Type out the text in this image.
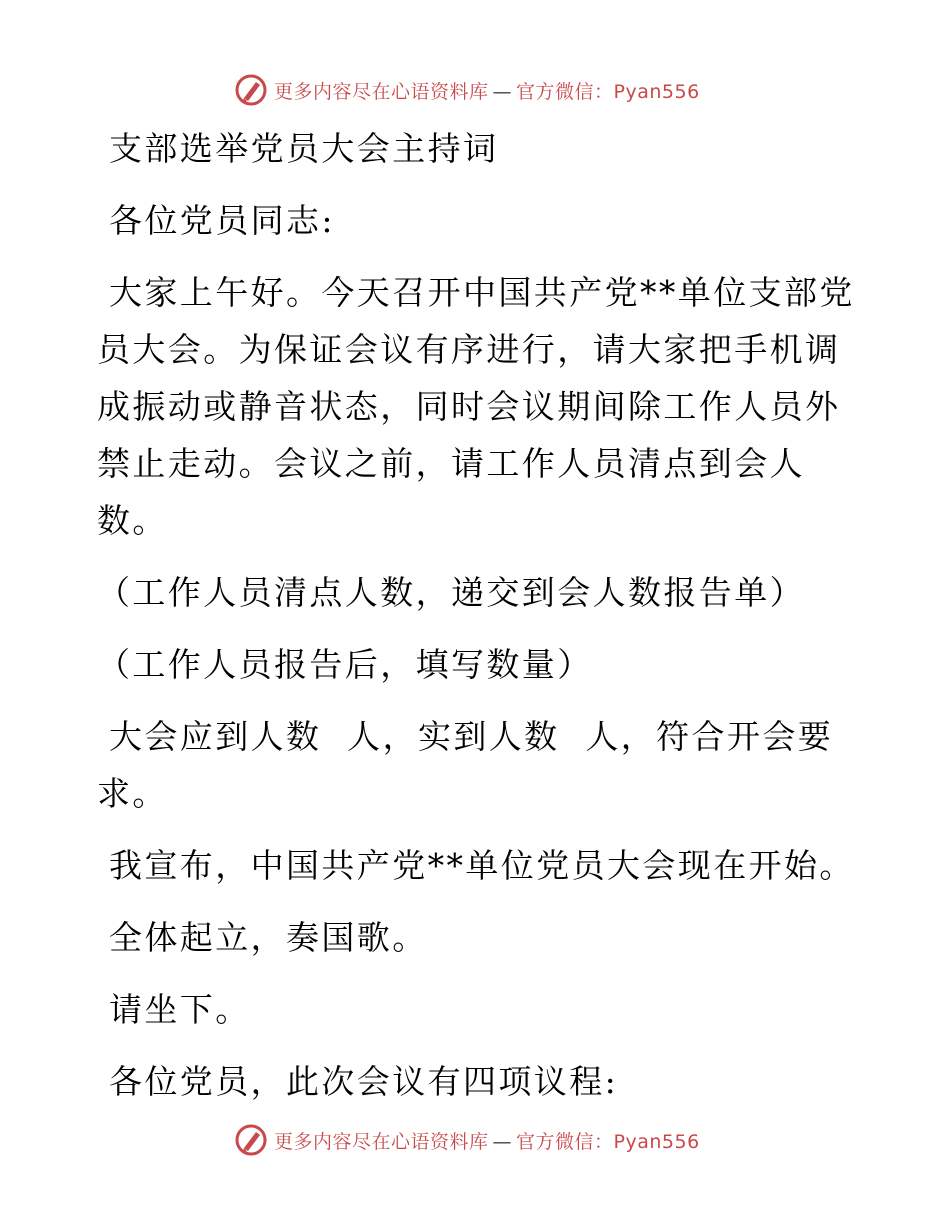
更多内容尽在心语资料库 — 官方微信：Pyan556

支部选举党员大会主持词

各位党员同志:

大家上午好。今天召开中国共产党**单位支部党员大会。为保证会议有序进行，请大家把手机调成振动或静音状态，同时会议期间除工作人员外禁止走动。会议之前，请工作人员清点到会人数。

（工作人员清点人数，递交到会人数报告单）

（工作人员报告后，填写数量）

大会应到人数  人，实到人数  人，符合开会要求。

我宣布，中国共产党**单位党员大会现在开始。

全体起立，奏国歌。

请坐下。

各位党员，此次会议有四项议程:

更多内容尽在心语资料库 — 官方微信：Pyan556
